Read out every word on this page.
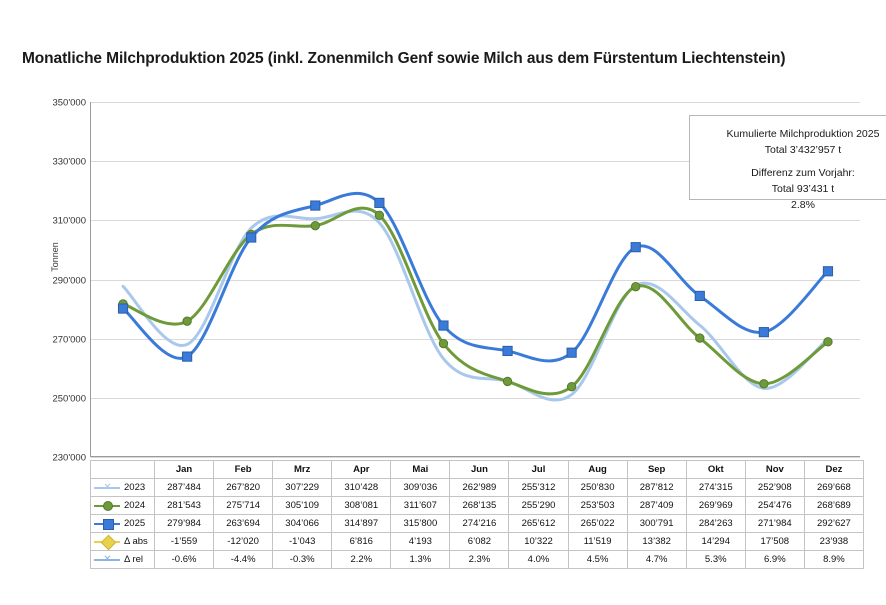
Monatliche Milchproduktion 2025 (inkl. Zonenmilch Genf sowie Milch aus dem Fürstentum Liechtenstein)
Tonnen
230'000
250'000
270'000
290'000
310'000
330'000
350'000
Kumulierte Milchproduktion 2025
Total 3’432’957 t
Differenz zum Vorjahr:
Total 93’431 t
2.8%
	Jan	Feb	Mrz	Apr	Mai	Jun	Jul	Aug	Sep	Okt	Nov	Dez

✕ 2023	287’484	267’820	307’229	310’428	309’036	262’989	255’312	250’830	287’812	274’315	252’908	269’668

2024	281’543	275’714	305’109	308’081	311’607	268’135	255’290	253’503	287’409	269’969	254’476	268’689

2025	279’984	263’694	304’066	314’897	315’800	274’216	265’612	265’022	300’791	284’263	271’984	292’627

Δ abs	-1’559	-12’020	-1’043	6’816	4’193	6’082	10’322	11’519	13’382	14’294	17’508	23’938

✕ Δ rel	-0.6%	-4.4%	-0.3%	2.2%	1.3%	2.3%	4.0%	4.5%	4.7%	5.3%	6.9%	8.9%
